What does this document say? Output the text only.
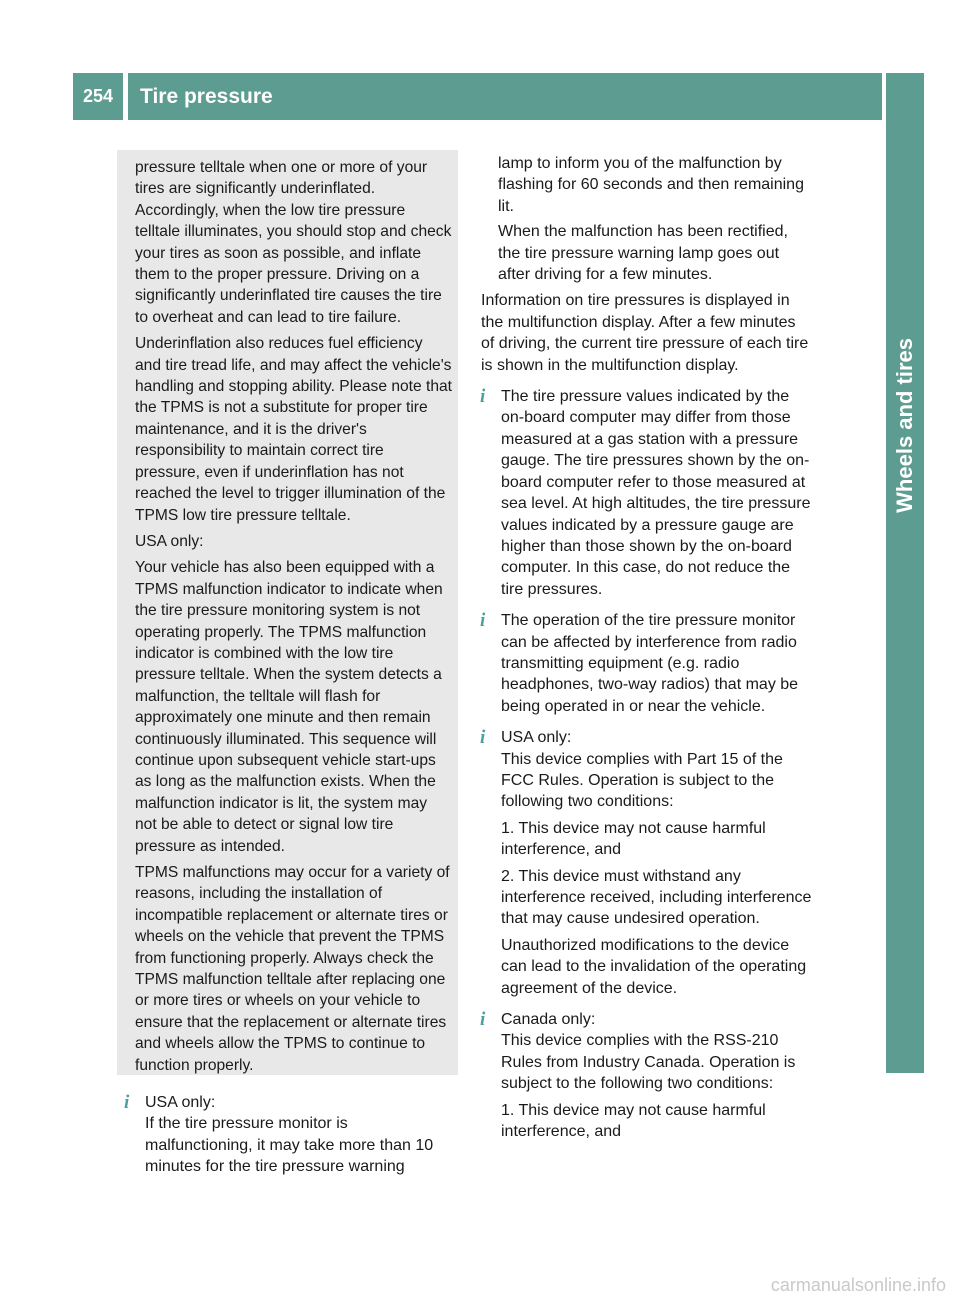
254	Tire pressure
Wheels and tires

pressure telltale when one or more of your tires are significantly underinflated. Accordingly, when the low tire pressure telltale illuminates, you should stop and check your tires as soon as possible, and inflate them to the proper pressure. Driving on a significantly underinflated tire causes the tire to overheat and can lead to tire failure.

Underinflation also reduces fuel efficiency and tire tread life, and may affect the vehicle's handling and stopping ability. Please note that the TPMS is not a substitute for proper tire maintenance, and it is the driver's responsibility to maintain correct tire pressure, even if underinflation has not reached the level to trigger illumination of the TPMS low tire pressure telltale.

USA only:

Your vehicle has also been equipped with a TPMS malfunction indicator to indicate when the tire pressure monitoring system is not operating properly. The TPMS malfunction indicator is combined with the low tire pressure telltale. When the system detects a malfunction, the telltale will flash for approximately one minute and then remain continuously illuminated. This sequence will continue upon subsequent vehicle start-ups as long as the malfunction exists. When the malfunction indicator is lit, the system may not be able to detect or signal low tire pressure as intended.

TPMS malfunctions may occur for a variety of reasons, including the installation of incompatible replacement or alternate tires or wheels on the vehicle that prevent the TPMS from functioning properly. Always check the TPMS malfunction telltale after replacing one or more tires or wheels on your vehicle to ensure that the replacement or alternate tires and wheels allow the TPMS to continue to function properly.

i USA only:

If the tire pressure monitor is malfunctioning, it may take more than 10 minutes for the tire pressure warning

lamp to inform you of the malfunction by flashing for 60 seconds and then remaining lit.

When the malfunction has been rectified, the tire pressure warning lamp goes out after driving for a few minutes.

Information on tire pressures is displayed in the multifunction display. After a few minutes of driving, the current tire pressure of each tire is shown in the multifunction display.

i The tire pressure values indicated by the on-board computer may differ from those measured at a gas station with a pressure gauge. The tire pressures shown by the on-board computer refer to those measured at sea level. At high altitudes, the tire pressure values indicated by a pressure gauge are higher than those shown by the on-board computer. In this case, do not reduce the tire pressures.

i The operation of the tire pressure monitor can be affected by interference from radio transmitting equipment (e.g. radio headphones, two-way radios) that may be being operated in or near the vehicle.

i USA only:

This device complies with Part 15 of the FCC Rules. Operation is subject to the following two conditions:

1. This device may not cause harmful interference, and

2. This device must withstand any interference received, including interference that may cause undesired operation.

Unauthorized modifications to the device can lead to the invalidation of the operating agreement of the device.

i Canada only:

This device complies with the RSS-210 Rules from Industry Canada. Operation is subject to the following two conditions:

1. This device may not cause harmful interference, and

carmanualsonline.info
